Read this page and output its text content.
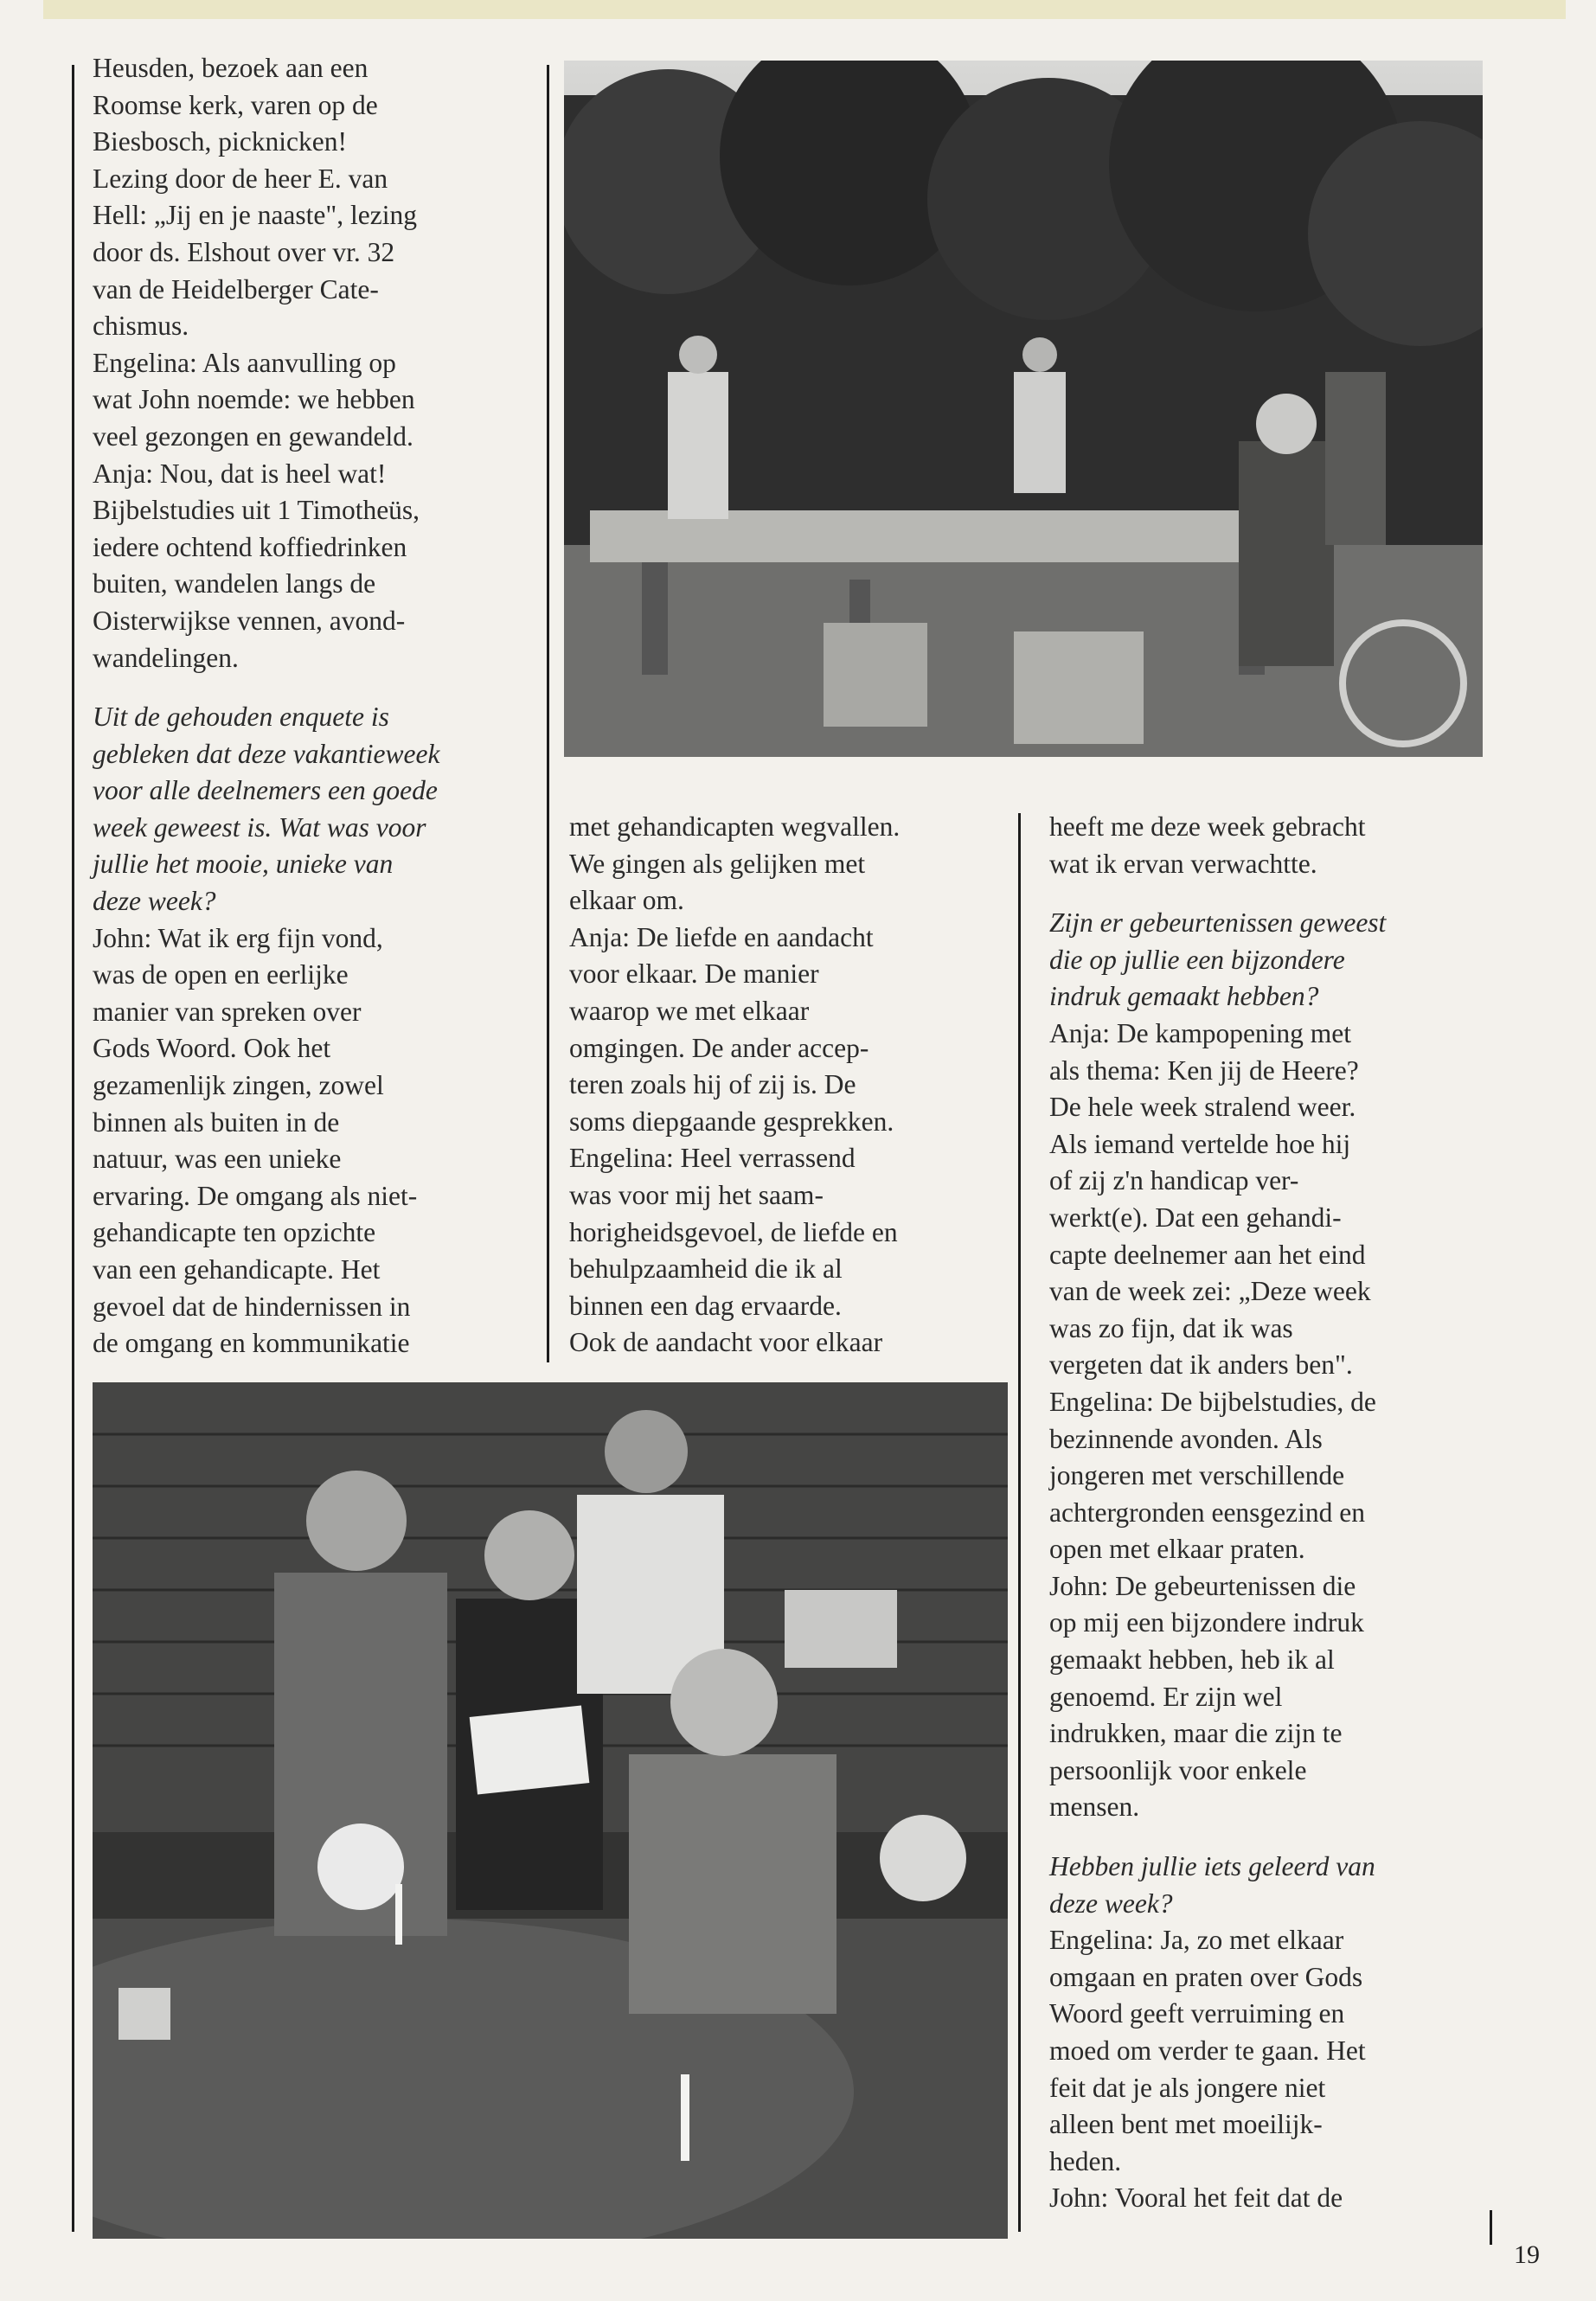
Heusden, bezoek aan een

Roomse kerk, varen op de

Biesbosch, picknicken!

Lezing door de heer E. van

Hell: „Jij en je naaste", lezing

door ds. Elshout over vr. 32

van de Heidelberger Cate-

chismus.

Engelina: Als aanvulling op

wat John noemde: we hebben

veel gezongen en gewandeld.

Anja: Nou, dat is heel wat!

Bijbelstudies uit 1 Timotheüs,

iedere ochtend koffiedrinken

buiten, wandelen langs de

Oisterwijkse vennen, avond-

wandelingen.

Uit de gehouden enquete is

gebleken dat deze vakantieweek

voor alle deelnemers een goede

week geweest is. Wat was voor

jullie het mooie, unieke van

deze week?

John: Wat ik erg fijn vond,

was de open en eerlijke

manier van spreken over

Gods Woord. Ook het

gezamenlijk zingen, zowel

binnen als buiten in de

natuur, was een unieke

ervaring. De omgang als niet-

gehandicapte ten opzichte

van een gehandicapte. Het

gevoel dat de hindernissen in

de omgang en kommunikatie

met gehandicapten wegvallen.

We gingen als gelijken met

elkaar om.

Anja: De liefde en aandacht

voor elkaar. De manier

waarop we met elkaar

omgingen. De ander accep-

teren zoals hij of zij is. De

soms diepgaande gesprekken.

Engelina: Heel verrassend

was voor mij het saam-

horigheidsgevoel, de liefde en

behulpzaamheid die ik al

binnen een dag ervaarde.

Ook de aandacht voor elkaar

heeft me deze week gebracht

wat ik ervan verwachtte.

Zijn er gebeurtenissen geweest

die op jullie een bijzondere

indruk gemaakt hebben?

Anja: De kampopening met

als thema: Ken jij de Heere?

De hele week stralend weer.

Als iemand vertelde hoe hij

of zij z'n handicap ver-

werkt(e). Dat een gehandi-

capte deelnemer aan het eind

van de week zei: „Deze week

was zo fijn, dat ik was

vergeten dat ik anders ben".

Engelina: De bijbelstudies, de

bezinnende avonden. Als

jongeren met verschillende

achtergronden eensgezind en

open met elkaar praten.

John: De gebeurtenissen die

op mij een bijzondere indruk

gemaakt hebben, heb ik al

genoemd. Er zijn wel

indrukken, maar die zijn te

persoonlijk voor enkele

mensen.

Hebben jullie iets geleerd van

deze week?

Engelina: Ja, zo met elkaar

omgaan en praten over Gods

Woord geeft verruiming en

moed om verder te gaan. Het

feit dat je als jongere niet

alleen bent met moeilijk-

heden.

John: Vooral het feit dat de

19
